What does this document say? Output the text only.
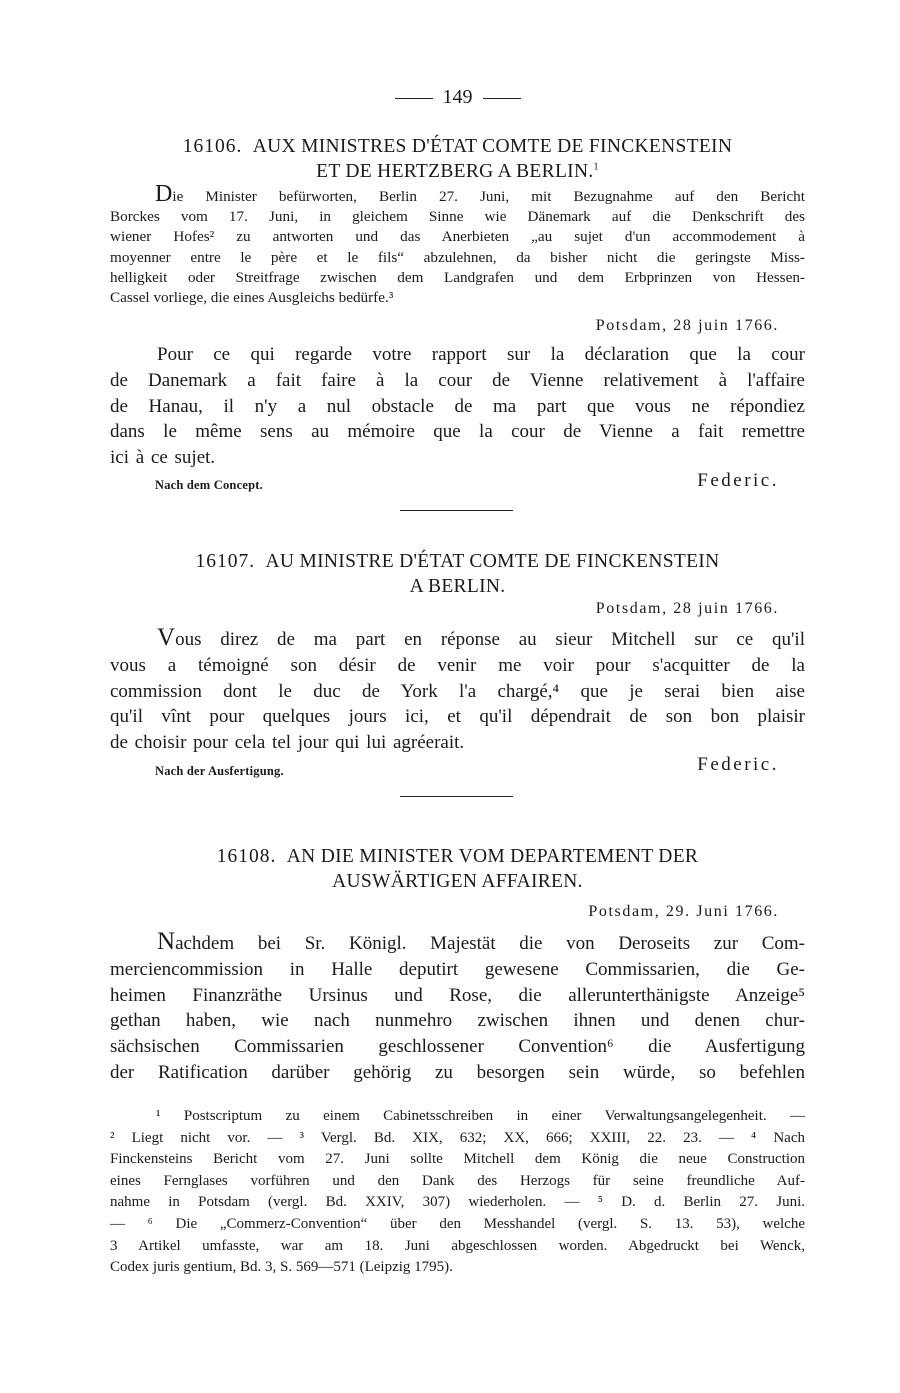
149
16106. AUX MINISTRES D'ÉTAT COMTE DE FINCKENSTEIN
ET DE HERTZBERG A BERLIN.$^1$
Die Minister befürworten, Berlin 27. Juni, mit Bezugnahme auf den Bericht
Borckes vom 17. Juni, in gleichem Sinne wie Dänemark auf die Denkschrift des
wiener Hofes² zu antworten und das Anerbieten „au sujet d'un accommodement à
moyenner entre le père et le fils“ abzulehnen, da bisher nicht die geringste Miss-
helligkeit oder Streitfrage zwischen dem Landgrafen und dem Erbprinzen von Hessen-
Cassel vorliege, die eines Ausgleichs bedürfe.³
Potsdam, 28 juin 1766.
Pour ce qui regarde votre rapport sur la déclaration que la cour
de Danemark a fait faire à la cour de Vienne relativement à l'affaire
de Hanau, il n'y a nul obstacle de ma part que vous ne répondiez
dans le même sens au mémoire que la cour de Vienne a fait remettre
ici à ce sujet.
Nach dem Concept.	Federic.
16107. AU MINISTRE D'ÉTAT COMTE DE FINCKENSTEIN
A BERLIN.
Potsdam, 28 juin 1766.
Vous direz de ma part en réponse au sieur Mitchell sur ce qu'il
vous a témoigné son désir de venir me voir pour s'acquitter de la
commission dont le duc de York l'a chargé,⁴ que je serai bien aise
qu'il vînt pour quelques jours ici, et qu'il dépendrait de son bon plaisir
de choisir pour cela tel jour qui lui agréerait.
Nach der Ausfertigung.	Federic.
16108. AN DIE MINISTER VOM DEPARTEMENT DER
AUSWÄRTIGEN AFFAIREN.
Potsdam, 29. Juni 1766.
Nachdem bei Sr. Königl. Majestät die von Deroseits zur Com-
merciencommission in Halle deputirt gewesene Commissarien, die Ge-
heimen Finanzräthe Ursinus und Rose, die allerunterthänigste Anzeige⁵
gethan haben, wie nach nunmehro zwischen ihnen und denen chur-
sächsischen Commissarien geschlossener Convention⁶ die Ausfertigung
der Ratification darüber gehörig zu besorgen sein würde, so befehlen
¹ Postscriptum zu einem Cabinetsschreiben in einer Verwaltungsangelegenheit. —
² Liegt nicht vor. — ³ Vergl. Bd. XIX, 632; XX, 666; XXIII, 22. 23. — ⁴ Nach
Finckensteins Bericht vom 27. Juni sollte Mitchell dem König die neue Construction
eines Fernglases vorführen und den Dank des Herzogs für seine freundliche Auf-
nahme in Potsdam (vergl. Bd. XXIV, 307) wiederholen. — ⁵ D. d. Berlin 27. Juni.
— ⁶ Die „Commerz-Convention“ über den Messhandel (vergl. S. 13. 53), welche
3 Artikel umfasste, war am 18. Juni abgeschlossen worden. Abgedruckt bei Wenck,
Codex juris gentium, Bd. 3, S. 569—571 (Leipzig 1795).
